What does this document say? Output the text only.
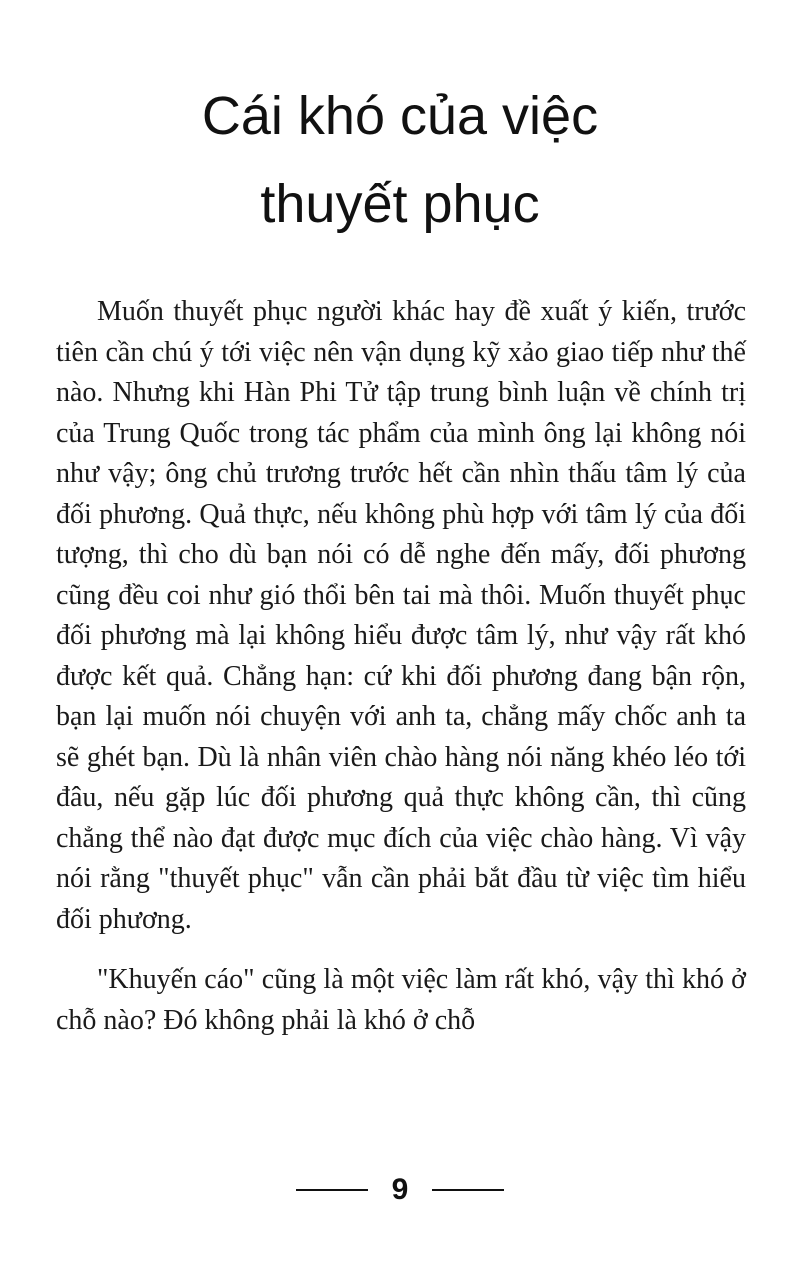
Cái khó của việc
thuyết phục

Muốn thuyết phục người khác hay đề xuất ý kiến, trước tiên cần chú ý tới việc nên vận dụng kỹ xảo giao tiếp như thế nào. Nhưng khi Hàn Phi Tử tập trung bình luận về chính trị của Trung Quốc trong tác phẩm của mình ông lại không nói như vậy; ông chủ trương trước hết cần nhìn thấu tâm lý của đối phương. Quả thực, nếu không phù hợp với tâm lý của đối tượng, thì cho dù bạn nói có dễ nghe đến mấy, đối phương cũng đều coi như gió thổi bên tai mà thôi. Muốn thuyết phục đối phương mà lại không hiểu được tâm lý, như vậy rất khó được kết quả. Chẳng hạn: cứ khi đối phương đang bận rộn, bạn lại muốn nói chuyện với anh ta, chẳng mấy chốc anh ta sẽ ghét bạn. Dù là nhân viên chào hàng nói năng khéo léo tới đâu, nếu gặp lúc đối phương quả thực không cần, thì cũng chẳng thể nào đạt được mục đích của việc chào hàng. Vì vậy nói rằng "thuyết phục" vẫn cần phải bắt đầu từ việc tìm hiểu đối phương.

"Khuyến cáo" cũng là một việc làm rất khó, vậy thì khó ở chỗ nào? Đó không phải là khó ở chỗ

9
